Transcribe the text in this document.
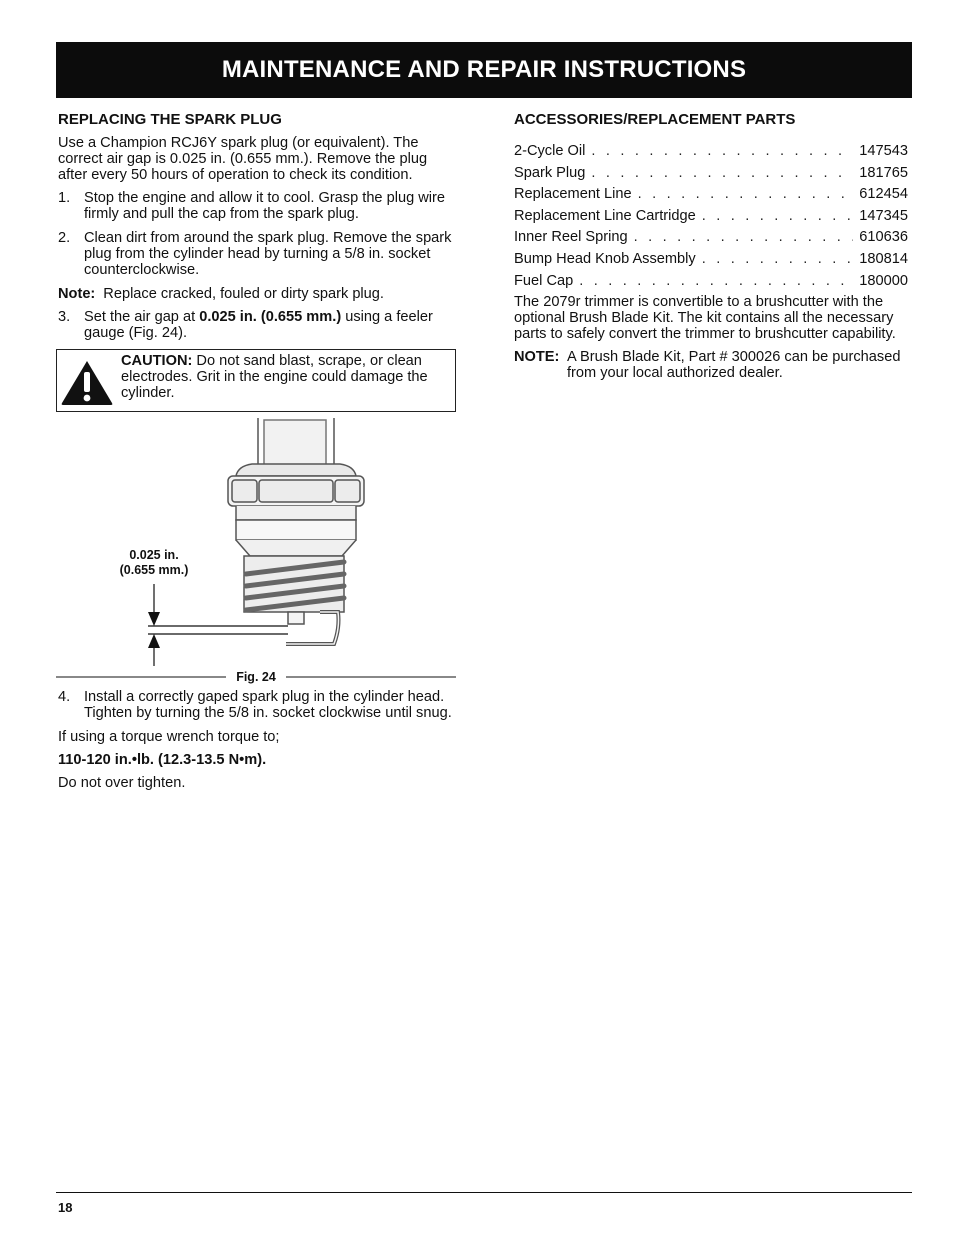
MAINTENANCE AND REPAIR INSTRUCTIONS
REPLACING THE SPARK PLUG

Use a Champion RCJ6Y spark plug (or equivalent). The correct air gap is 0.025 in. (0.655 mm.). Remove the plug after every 50 hours of operation to check its condition.

1. Stop the engine and allow it to cool. Grasp the plug wire firmly and pull the cap from the spark plug.
2. Clean dirt from around the spark plug. Remove the spark plug from the cylinder head by turning a 5/8 in. socket counterclockwise.
Note: Replace cracked, fouled or dirty spark plug.
3. Set the air gap at 0.025 in. (0.655 mm.) using a feeler gauge (Fig. 24).
CAUTION: Do not sand blast, scrape, or clean electrodes. Grit in the engine could damage the cylinder.
0.025 in.
(0.655 mm.)
Fig. 24
4. Install a correctly gaped spark plug in the cylinder head. Tighten by turning the 5/8 in. socket clockwise until snug.

If using a torque wrench torque to;

110-120 in.•lb. (12.3-13.5 N•m).

Do not over tighten.

ACCESSORIES/REPLACEMENT PARTS
2-Cycle Oil . . .	147543
Spark Plug . . .	181765
Replacement Line . . .	612454
Replacement Line Cartridge . . .	147345
Inner Reel Spring . . .	610636
Bump Head Knob Assembly . . .	180814
Fuel Cap . . .	180000

The 2079r trimmer is convertible to a brushcutter with the optional Brush Blade Kit. The kit contains all the necessary parts to safely convert the trimmer to brushcutter capability.

NOTE: A Brush Blade Kit, Part # 300026 can be purchased from your local authorized dealer.
18
